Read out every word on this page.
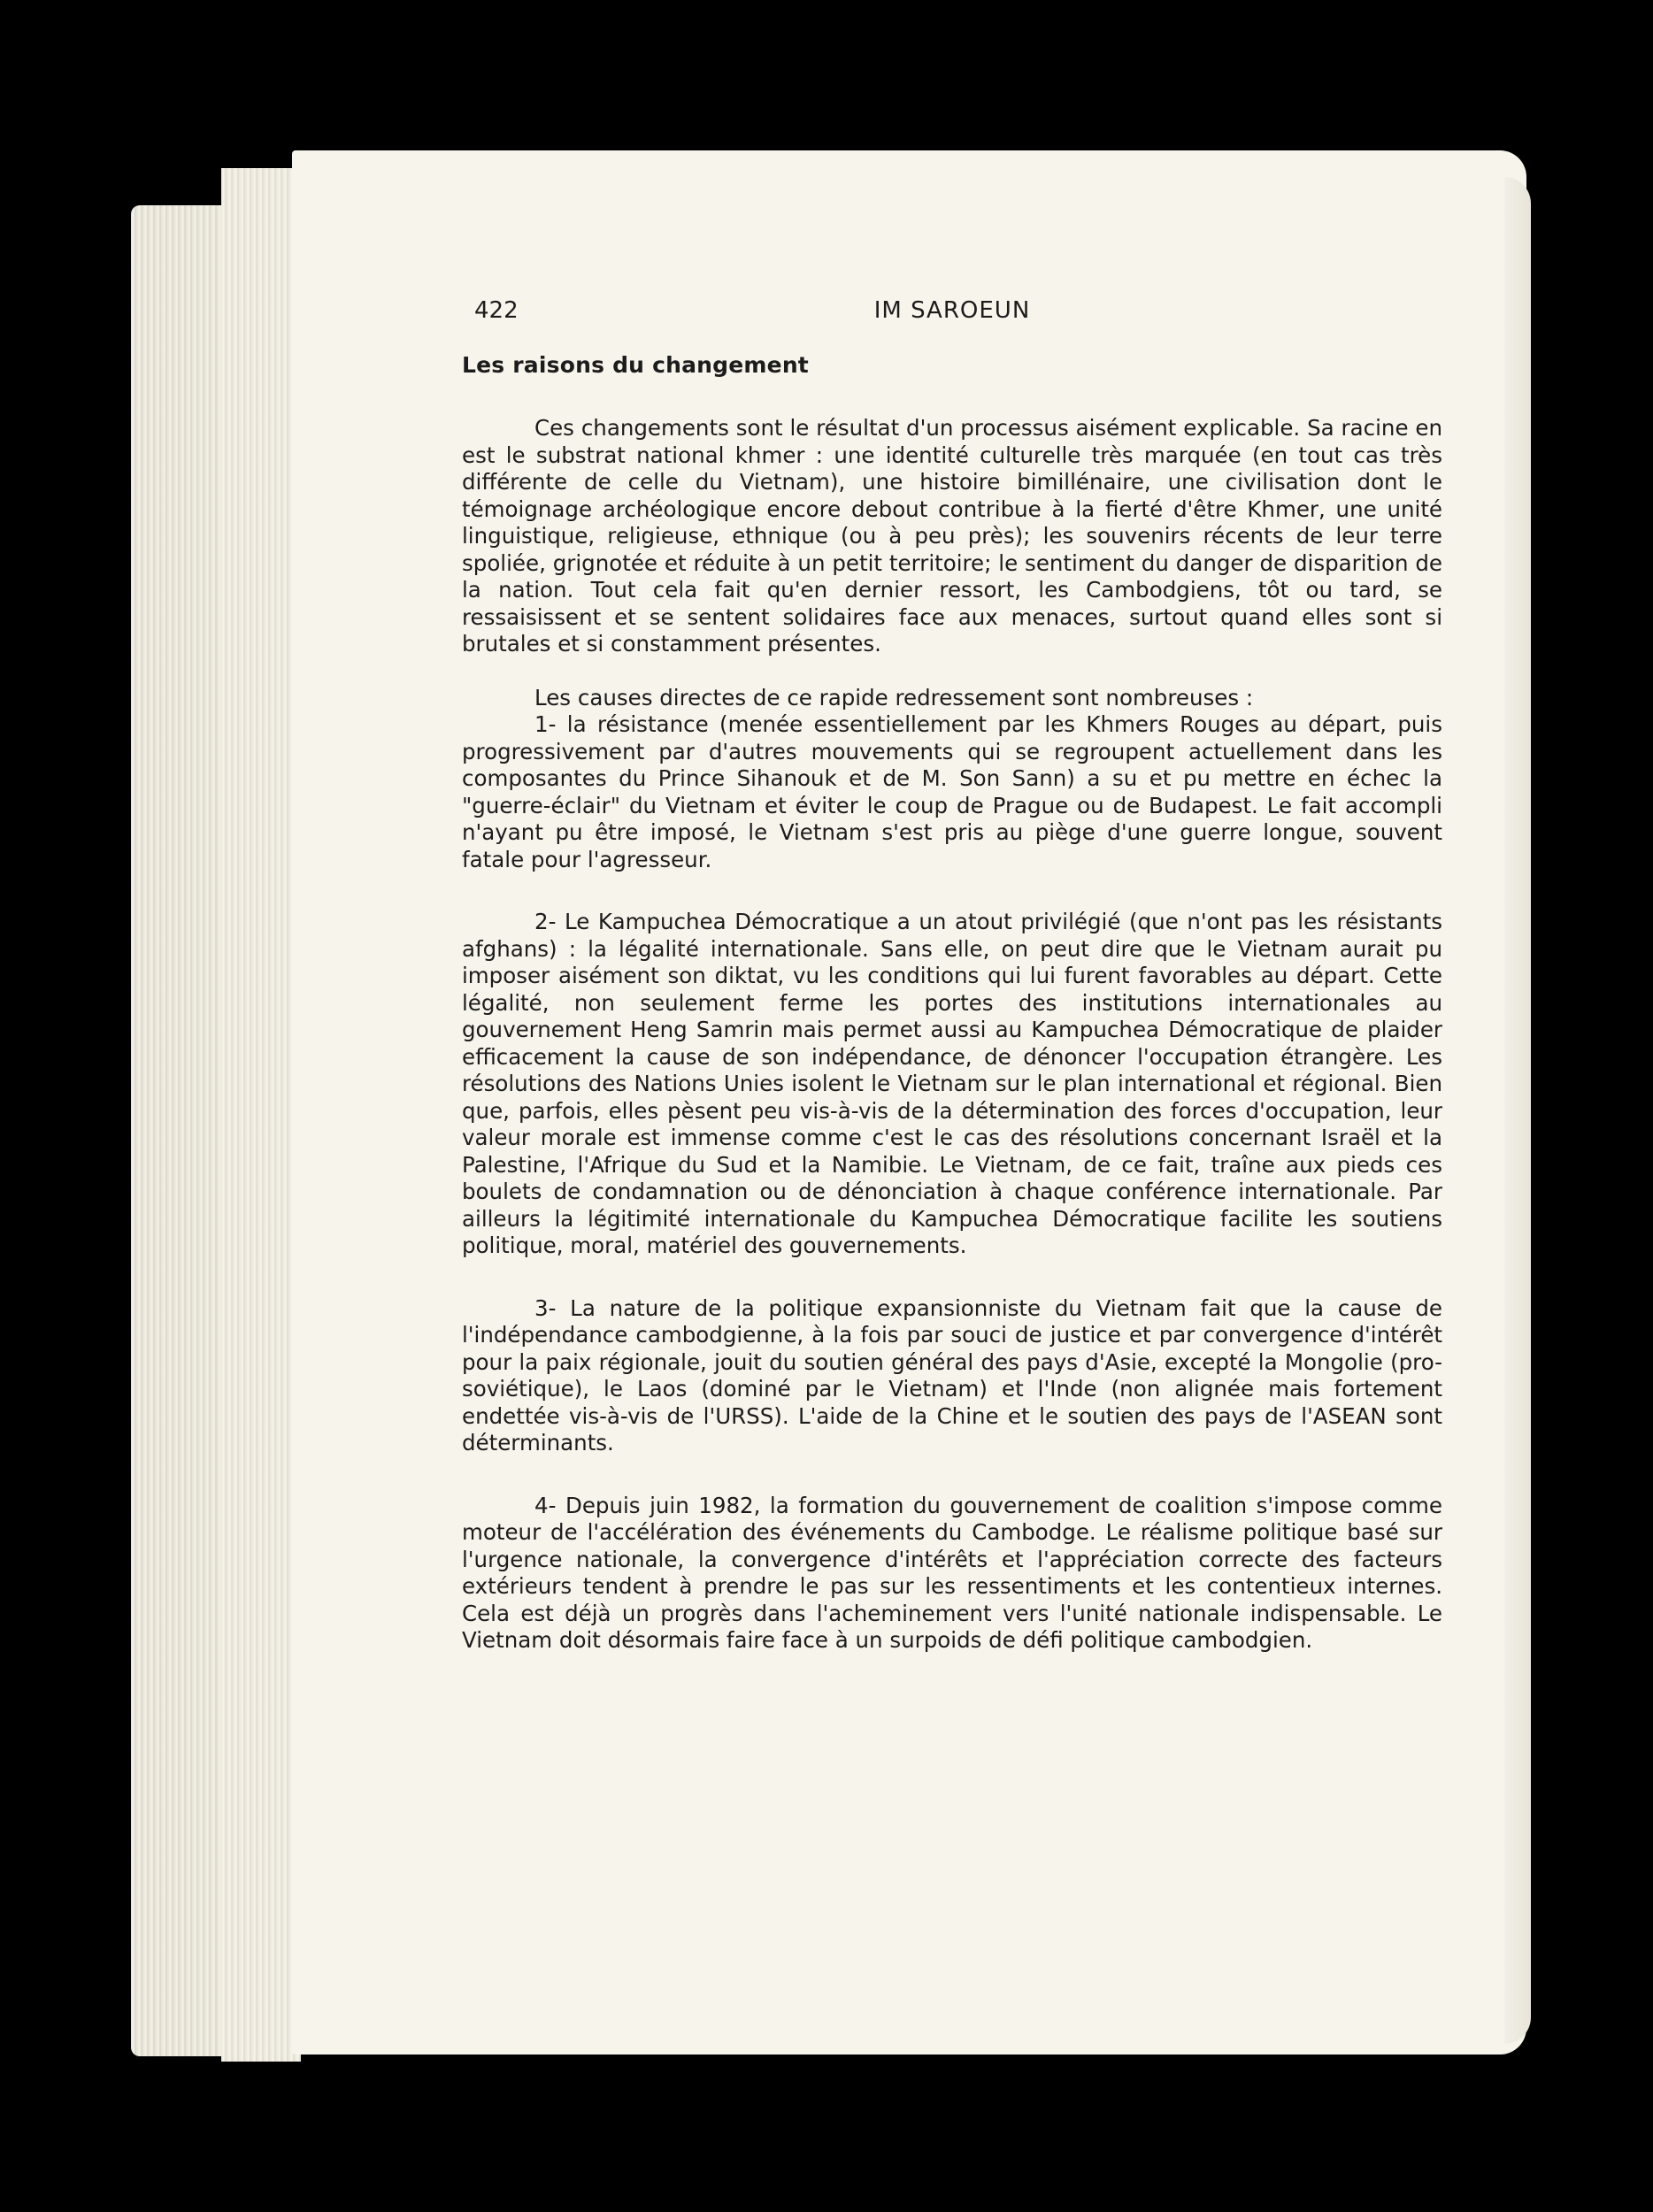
422	IM SAROEUN
Les raisons du changement

Ces changements sont le résultat d'un processus aisément explicable. Sa racine en est le substrat national khmer : une identité culturelle très marquée (en tout cas très différente de celle du Vietnam), une histoire bimillénaire, une civilisation dont le témoignage archéologique encore debout contribue à la fierté d'être Khmer, une unité linguistique, religieuse, ethnique (ou à peu près); les souvenirs récents de leur terre spoliée, grignotée et réduite à un petit territoire; le sentiment du danger de disparition de la nation. Tout cela fait qu'en dernier ressort, les Cambodgiens, tôt ou tard, se ressaisissent et se sentent solidaires face aux menaces, surtout quand elles sont si brutales et si constamment présentes.

Les causes directes de ce rapide redressement sont nombreuses :

1- la résistance (menée essentiellement par les Khmers Rouges au départ, puis progressivement par d'autres mouvements qui se regroupent actuellement dans les composantes du Prince Sihanouk et de M. Son Sann) a su et pu mettre en échec la "guerre-éclair" du Vietnam et éviter le coup de Prague ou de Budapest. Le fait accompli n'ayant pu être imposé, le Vietnam s'est pris au piège d'une guerre longue, souvent fatale pour l'agresseur.

2- Le Kampuchea Démocratique a un atout privilégié (que n'ont pas les résistants afghans) : la légalité internationale. Sans elle, on peut dire que le Vietnam aurait pu imposer aisément son diktat, vu les conditions qui lui furent favorables au départ. Cette légalité, non seulement ferme les portes des institutions internationales au gouvernement Heng Samrin mais permet aussi au Kampuchea Démocratique de plaider efficacement la cause de son indépendance, de dénoncer l'occupation étrangère. Les résolutions des Nations Unies isolent le Vietnam sur le plan international et régional. Bien que, parfois, elles pèsent peu vis-à-vis de la détermination des forces d'occupation, leur valeur morale est immense comme c'est le cas des résolutions concernant Israël et la Palestine, l'Afrique du Sud et la Namibie. Le Vietnam, de ce fait, traîne aux pieds ces boulets de condamnation ou de dénonciation à chaque conférence internationale. Par ailleurs la légitimité internationale du Kampuchea Démocratique facilite les soutiens politique, moral, matériel des gouvernements.

3- La nature de la politique expansionniste du Vietnam fait que la cause de l'indépendance cambodgienne, à la fois par souci de justice et par convergence d'intérêt pour la paix régionale, jouit du soutien général des pays d'Asie, excepté la Mongolie (pro-soviétique), le Laos (dominé par le Vietnam) et l'Inde (non alignée mais fortement endettée vis-à-vis de l'URSS). L'aide de la Chine et le soutien des pays de l'ASEAN sont déterminants.

4- Depuis juin 1982, la formation du gouvernement de coalition s'impose comme moteur de l'accélération des événements du Cambodge. Le réalisme politique basé sur l'urgence nationale, la convergence d'intérêts et l'appréciation correcte des facteurs extérieurs tendent à prendre le pas sur les ressentiments et les contentieux internes. Cela est déjà un progrès dans l'acheminement vers l'unité nationale indispensable. Le Vietnam doit désormais faire face à un surpoids de défi politique cambodgien.
